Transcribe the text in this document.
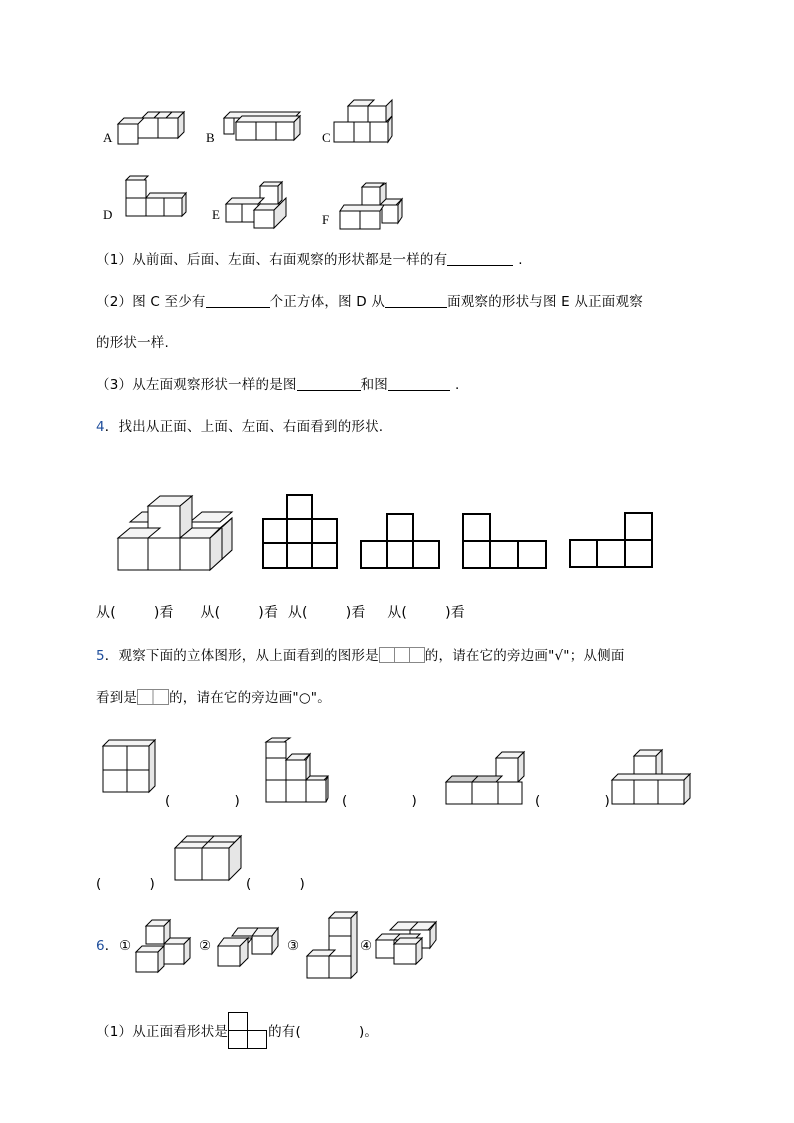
A	B	C
D	E	F
（1）从前面、后面、左面、右面观察的形状都是一样的有	.
（2）图 C 至少有	个正方体，图 D 从	面观察的形状与图 E 从正面观察
的形状一样.
（3）从左面观察形状一样的是图	和图	.
4．找出从正面、上面、左面、右面看到的形状.
从(	)看 从(	)看 从(	)看 从(	)看
5．观察下面的立体图形，从上面看到的图形是	的，请在它的旁边画"√"；从侧面
看到是 的，请在它的旁边画"○"。
(	)	(	)	(	)
(	)	(	)
6． ①	②	③	④
（1）从正面看形状是	的有(	)。
